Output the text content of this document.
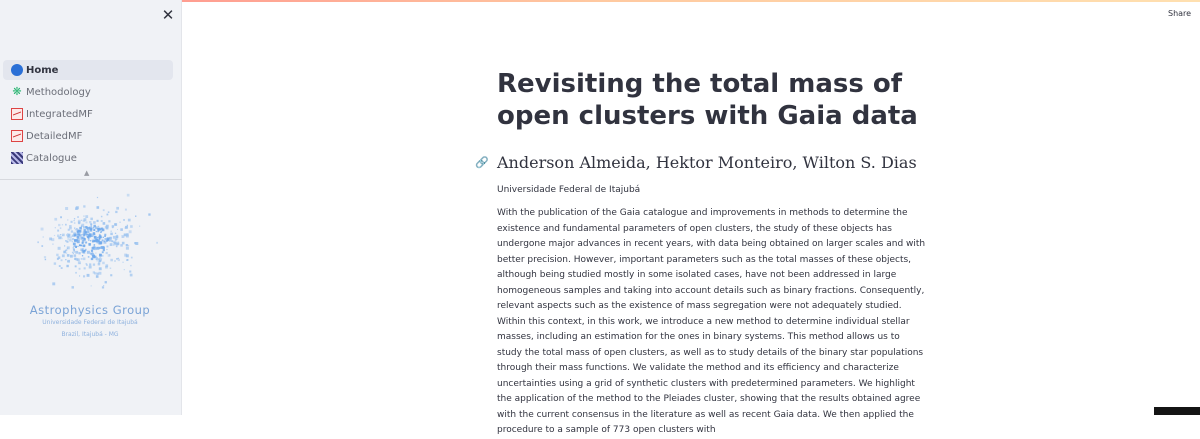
✕
Home
❋ Methodology
IntegratedMF
DetailedMF
Catalogue
▲
Astrophysics Group
Universidade Federal de Itajubá
Brazil, Itajubá - MG
Share
Revisiting the total mass of open clusters with Gaia data
🔗 Anderson Almeida, Hektor Monteiro, Wilton S. Dias
Universidade Federal de Itajubá
With the publication of the Gaia catalogue and improvements in methods to determine the existence and fundamental parameters of open clusters, the study of these objects has undergone major advances in recent years, with data being obtained on larger scales and with better precision. However, important parameters such as the total masses of these objects, although being studied mostly in some isolated cases, have not been addressed in large homogeneous samples and taking into account details such as binary fractions. Consequently, relevant aspects such as the existence of mass segregation were not adequately studied. Within this context, in this work, we introduce a new method to determine individual stellar masses, including an estimation for the ones in binary systems. This method allows us to study the total mass of open clusters, as well as to study details of the binary star populations through their mass functions. We validate the method and its efficiency and characterize uncertainties using a grid of synthetic clusters with predetermined parameters. We highlight the application of the method to the Pleiades cluster, showing that the results obtained agree with the current consensus in the literature as well as recent Gaia data. We then applied the procedure to a sample of 773 open clusters with
